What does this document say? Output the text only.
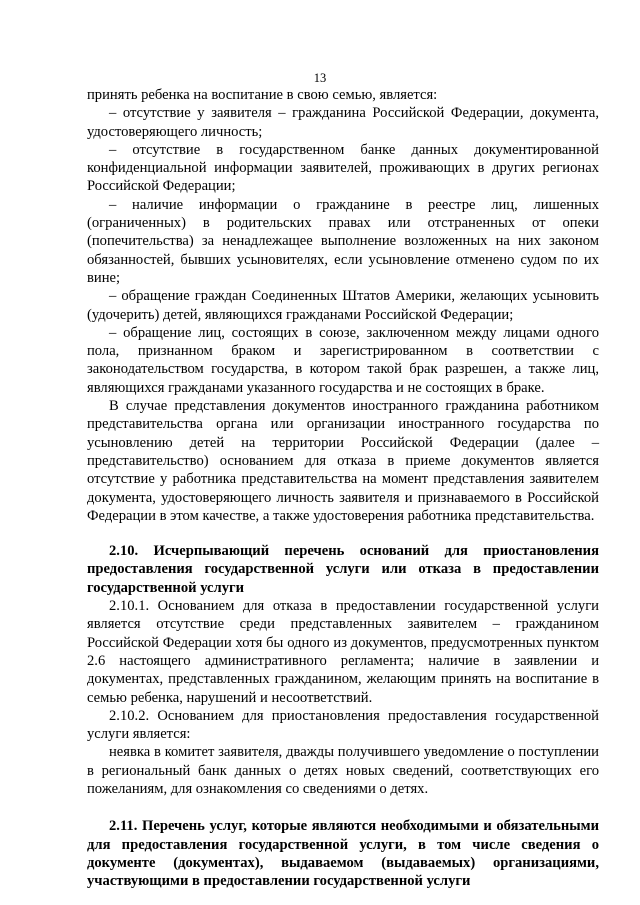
13

принять ребенка на воспитание в свою семью, является:

– отсутствие у заявителя – гражданина Российской Федерации, документа, удостоверяющего личность;

– отсутствие в государственном банке данных документированной конфиденциальной информации заявителей, проживающих в других регионах Российской Федерации;

– наличие информации о гражданине в реестре лиц, лишенных (ограниченных) в родительских правах или отстраненных от опеки (попечительства) за ненадлежащее выполнение возложенных на них законом обязанностей, бывших усыновителях, если усыновление отменено судом по их вине;

– обращение граждан Соединенных Штатов Америки, желающих усыновить (удочерить) детей, являющихся гражданами Российской Федерации;

– обращение лиц, состоящих в союзе, заключенном между лицами одного пола, признанном браком и зарегистрированном в соответствии с законодательством государства, в котором такой брак разрешен, а также лиц, являющихся гражданами указанного государства и не состоящих в браке.

В случае представления документов иностранного гражданина работником представительства органа или организации иностранного государства по усыновлению детей на территории Российской Федерации (далее – представительство) основанием для отказа в приеме документов является отсутствие у работника представительства на момент представления заявителем документа, удостоверяющего личность заявителя и признаваемого в Российской Федерации в этом качестве, а также удостоверения работника представительства.

2.10. Исчерпывающий перечень оснований для приостановления предоставления государственной услуги или отказа в предоставлении государственной услуги

2.10.1. Основанием для отказа в предоставлении государственной услуги является отсутствие среди представленных заявителем – гражданином Российской Федерации хотя бы одного из документов, предусмотренных пунктом 2.6 настоящего административного регламента; наличие в заявлении и документах, представленных гражданином, желающим принять на воспитание в семью ребенка, нарушений и несоответствий.

2.10.2. Основанием для приостановления предоставления государственной услуги является:

неявка в комитет заявителя, дважды получившего уведомление о поступлении в региональный банк данных о детях новых сведений, соответствующих его пожеланиям, для ознакомления со сведениями о детях.

2.11. Перечень услуг, которые являются необходимыми и обязательными для предоставления государственной услуги, в том числе сведения о документе (документах), выдаваемом (выдаваемых) организациями, участвующими в предоставлении государственной услуги
